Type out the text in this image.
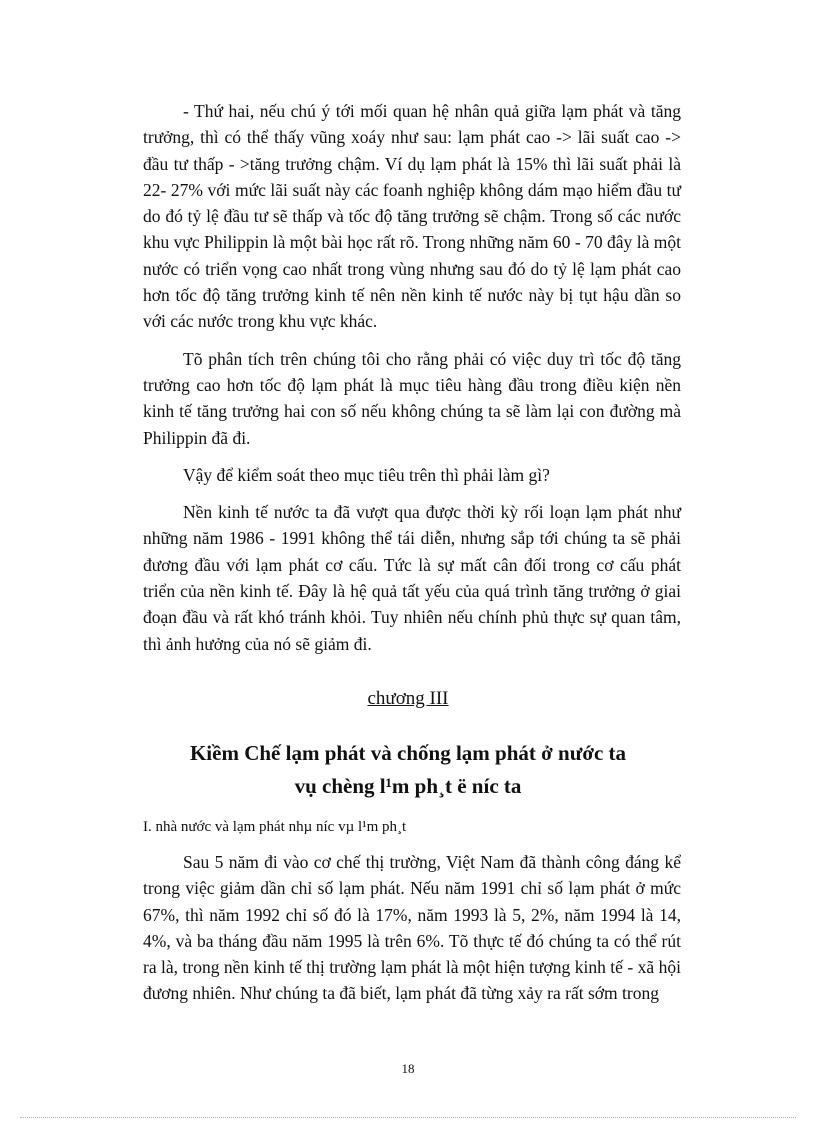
- Thứ hai, nếu chú ý tới mối quan hệ nhân quả giữa lạm phát và tăng trưởng, thì có thể thấy vũng xoáy như sau: lạm phát cao -> lãi suất cao -> đầu tư thấp - >tăng trưởng chậm. Ví dụ lạm phát là 15% thì lãi suất phải là 22- 27% với mức lãi suất này các foanh nghiệp không dám mạo hiểm đầu tư do đó tỷ lệ đầu tư sẽ thấp và tốc độ tăng trưởng sẽ chậm. Trong số các nước khu vực Philippin là một bài học rất rõ. Trong những năm 60 - 70 đây là một nước có triển vọng cao nhất trong vùng nhưng sau đó do tỷ lệ lạm phát cao hơn tốc độ tăng trưởng kinh tế nên nền kinh tế nước này bị tụt hậu dần so với các nước trong khu vực khác.

Tõ phân tích trên chúng tôi cho rằng phải có việc duy trì tốc độ tăng trưởng cao hơn tốc độ lạm phát là mục tiêu hàng đầu trong điều kiện nền kinh tế tăng trưởng hai con số nếu không chúng ta sẽ làm lại con đường mà Philippin đã đi.

Vậy để kiểm soát theo mục tiêu trên thì phải làm gì?

Nền kinh tế nước ta đã vượt qua được thời kỳ rối loạn lạm phát như những năm 1986 - 1991 không thể tái diễn, nhưng sắp tới chúng ta sẽ phải đương đầu với lạm phát cơ cấu. Tức là sự mất cân đối trong cơ cấu phát triển của nền kinh tế. Đây là hệ quả tất yếu của quá trình tăng trưởng ở giai đoạn đầu và rất khó tránh khỏi. Tuy nhiên nếu chính phủ thực sự quan tâm, thì ảnh hưởng của nó sẽ giảm đi.

chương III
Kiềm Chế lạm phát và chống lạm phát ở nước ta
vụ chèng l¹m ph¸t ë níc ta
I. nhà nước và lạm phát nhµ níc vµ l¹m ph¸t

Sau 5 năm đi vào cơ chế thị trường, Việt Nam đã thành công đáng kể trong việc giảm dần chỉ số lạm phát. Nếu năm 1991 chỉ số lạm phát ở mức 67%, thì năm 1992 chỉ số đó là 17%, năm 1993 là 5, 2%, năm 1994 là 14, 4%, và ba tháng đầu năm 1995 là trên 6%. Tõ thực tế đó chúng ta có thể rút ra là, trong nền kinh tế thị trường lạm phát là một hiện tượng kinh tế - xã hội đương nhiên. Như chúng ta đã biết, lạm phát đã từng xảy ra rất sớm trong

18
